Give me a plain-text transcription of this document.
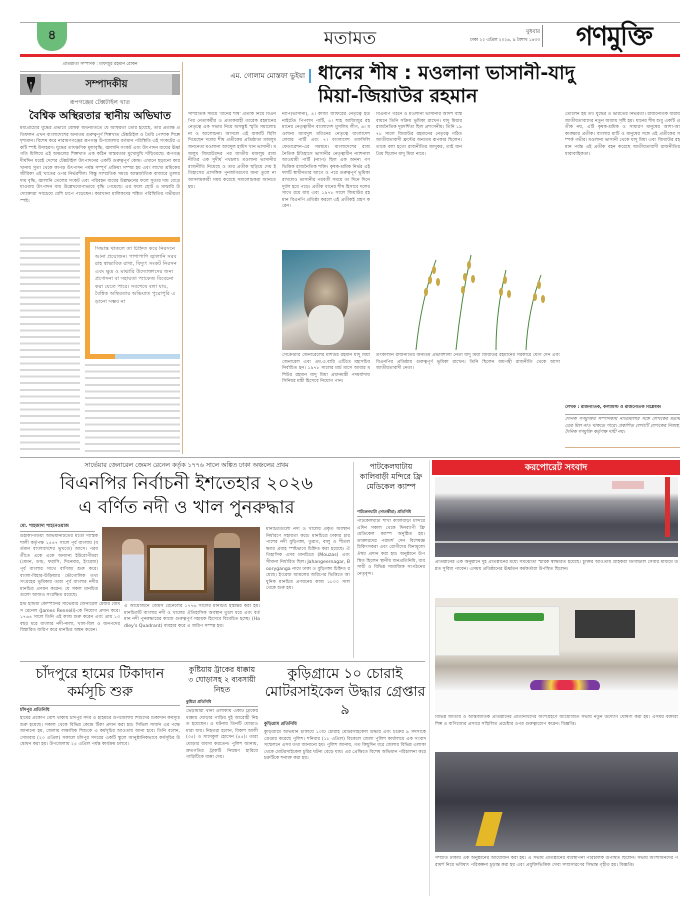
৪	মতামত	বুধবার
ঢাকা ২২ এপ্রিল ২০২৬, ৯ বৈশাখ ১৪৩৩	গণমুক্তি
প্রতিষ্ঠাতা সম্পাদক : মফিজুর রহমান রোকন
সম্পাদকীয়
রূপগঞ্জের টেক্সটাইল খাত
বৈশ্বিক অস্থিরতার স্থানীয় অভিঘাত
মধ্যপ্রাচ্যের যুদ্ধের প্রভাবে বৈশ্বিক অর্থনীতিতে যে অস্থিরতা তৈরি হয়েছে, তার প্রত্যক্ষ প্রতিফলন এখন বাংলাদেশের অন্যতম গুরুত্বপূর্ণ শিল্পখাত টেক্সটাইল ও তৈরি পোশাক শিল্পে দৃশ্যমান। বিশেষ করে নারায়ণগঞ্জের রূপগঞ্জ উপজেলার বর্তমান পরিস্থিতি এই সংকটের একটি স্পষ্ট উদাহরণ। যুদ্ধের তাৎক্ষণিক মূল্যবৃদ্ধি, জ্বালানি সংকট এবং উৎপাদন ব্যয়ের ঊর্ধ্বগতি মিলিয়ে এই অঞ্চলের শিল্পখাত এক কঠিন বাস্তবতার মুখোমুখি দাঁড়িয়েছে। রূপগঞ্জ দীর্ঘদিন ধরেই দেশের টেক্সটাইল উৎপাদনের একটি গুরুত্বপূর্ণ কেন্দ্র। এখানে ছড়ানো কারখানায় সুতা থেকে কাপড় উৎপাদন পর্যন্ত সম্পূর্ণ প্রক্রিয়া সম্পন্ন হয় এবং লাখো শ্রমিকের জীবিকা এই খাতের ওপর নির্ভরশীল। কিন্তু সাম্প্রতিক সময়ে আন্তর্জাতিক বাজারে তুলার দাম বৃদ্ধি, জ্বালানি তেলের সংকট এবং পরিবহন ব্যয়ের উল্লম্ফনের ফলে সুতার দাম বেড়ে যাওয়ায় উৎপাদন ব্যয় উল্লেখযোগ্যভাবে বৃদ্ধি পেয়েছে। এর ফলে ছোট ও মাঝারি উদ্যোক্তারা সবচেয়ে বেশি চাপে পড়েছেন। কারখানা মালিকদের শঙ্কিত পরিস্থিতির গভীরতা স্পষ্ট।
সিদ্ধান্ত থাকলে তা চিহ্নিত করে নিরসনে আনা প্রয়োজন। পাশাপাশি জ্বালানি সরবরাহ স্বাভাবিক রাখা, বিদ্যুৎ সংকট নিরসন এবং ক্ষুদ্র ও মাঝারি উদ্যোক্তাদের জন্য প্রণোদনা বা সহায়তা প্যাকেজ বিবেচনা করা যেতে পারে। সবশেষে বলা যায়, বৈশ্বিক অস্থিরতার অভিঘাত পুরোপুরি এড়ানো সম্ভব না
এম. গোলাম মোস্তফা ভুইয়া ধানের শীষ : মওলানা ভাসানী-যাদু
মিয়া-জিয়াউর রহমান
সাম্প্রতিক সময়ে 'ধানের শীষ' প্রতীক নিয়ে বিএনপির নেতাকর্মীর ও প্রতাকবাহী তারেক রহমানের নেতৃত্বে এক সভায় নিয়ে অসন্তুষ্ট স্মৃতি সমালোচনা ও আলোচনা। আসলে এই বাক্যটি ছিলি দিয়েছেন দলের শীষ প্রতীকের প্রতিষ্ঠাতা মজলুম জননেতা মওলানা আবদুল হামিদ খান ভাসানী। মজলুম জিয়াউদ্দের পর জাতীয় মজলুম রাজনীতির এক সুদীর্ঘ পথচলা। মওলানা ভাসানীর রাজনীতি নিয়েছে ও তার প্রতীক ছড়িয়ে দেয় ইতিহাসের প্রাসঙ্গিক পুনর্জাগরণের জন্য তুলে না আসলমকারী সময় করেছে সমালোচকরা জানতে হয়।
ন্যাপ(ভাসানী), ৪। কাজী জাফরের নেতৃত্বে ইউনাইটেড পিপলস পার্টি, ৫। শাহ আজিজুর রহমানের নেতৃত্বাধীন বাংলাদেশ মুসলিম লীগ, ৬। মওলানা আবদুল মতিনের নেতৃত্বে বাংলাদেশ লেবার পার্টি এবং ৭। বাংলাদেশ তফসিলি ফেডারেশন-এর সমন্বয়ে। বাংলাদেশের রাজনৈতিক ইতিহাসে ভাসানীর নেতৃত্বাধীন ন্যাশনাল আওয়ামী পার্টি (ন্যাপ) ছিল এক অনন্য গণভিত্তিক রাজনৈতিক শক্তি। কৃষক-শ্রমিক নির্ভর এই দলটি স্বাধীনতার আগে ও পরে গুরুত্বপূর্ণ ভূমিকা রাখলেও ভাসানীর পরবর্তী সময়ে তা দিনে দিনে দুর্বল হয়ে পড়ে। প্রতীক ধানের শীষ হিসাবে দলের সাথে রয়ে যায় এবং ১৯৭৮ সালে জিয়াউর রহমান বিএনপি প্রতিষ্ঠা করলে এই প্রতীকই গ্রহণ করেন।
বিএনপি গঠনে ও মওলানা ভাসানীর আদর্শ বাস্তবায়নে তিনি সক্রিয় ভূমিকা রাখেন। যাদু মিয়ার রাজনৈতিক দূরদর্শিতা ছিল প্রশংসনীয়। তিনি ১৯৭৮ সালে জিয়াউর রহমানের নেতৃত্বে গঠিত জাতীয়তাবাদী ফ্রন্টের অন্যতম রূপকার ছিলেন। তাকে বলা হতো রাজনীতির জাদুকর, তাই জনপ্রিয় ছিলেন যাদু মিয়া নামে।
তোলেন হয় তা। যুদ্ধের ও ভারতের নির্ভরতা। রাজনৈতিক ধারায় জাতীয়তাবাদের নতুন অধ্যায় সৃষ্টি হয়। ধানের শীষ শুধু একটি প্রতীক নয়, এটি কৃষক-শ্রমিক ও সাধারণ মানুষের আশা-আকাঙ্ক্ষার প্রতীক। বাংলার মাটি ও মানুষের সঙ্গে এই প্রতীকের সম্পর্ক গভীর। মওলানা ভাসানী থেকে যাদু মিয়া এবং জিয়াউর রহমান পর্যন্ত এই প্রতীক বহন করেছে জাতীয়তাবাদী রাজনীতির ধারাবাহিকতা।
সেক্রেটারি জেনারেলের মশিউর রহমান যাদু মিয়া জেনারেল এবং এম.এ.বারি এটিতে মহাসচিব নির্বাচিত হন। ১৯৭৮ সালের মার্চ মাসে আবার মশিউর রহমান যাদু মিয়া প্রধানমন্ত্রী পদমর্যাদায় সিনিয়র মন্ত্রী হিসেবে নিয়োগ পান।
তৎকালীন রাজনীতির অন্যতম প্রভাবশালী নেতা যাদু মিয়া জিয়াউর রহমানের সরকারে যোগ দেন এবং বিএনপির প্রতিষ্ঠায় গুরুত্বপূর্ণ ভূমিকা রাখেন। তিনি ছিলেন বামপন্থী রাজনীতি থেকে আসা জাতীয়তাবাদী নেতা।
লেখক : রাজনীতিক, কলামিস্ট ও রাজনৈতিক বিশ্লেষক।
দৈনিক গণমুক্তির সম্পাদকীয় নীতিমালার সঙ্গে লেখকের মতামতের মিল নাও থাকতে পারে। প্রকাশিত লেখাটি লেখকের নিজস্ব, দৈনিক গণমুক্তি কর্তৃপক্ষ দায়ী নয়।
সার্ভেয়ার জেনারেল জেমস রেনেল কর্তৃক ১৭৭৬ সালে অঙ্কিত ঢাকা অঞ্চলের প্রথম
বিএনপির নির্বাচনী ইশতেহার ২০২৬
এ বর্ণিত নদী ও খাল পুনরুদ্ধার
মো. শাহজাদা শাহনেওয়াজ
উইকিপিডিয়া অভিধানটিতের মতো দাস্তিকশালী কর্তৃপক্ষ ১৫৪৭ সালে পূর্ব বাংলায় (বর্তমান বাংলাদেশের ভূখণ্ডে) আসে। পরবর্তীতে একে একে অন্যান্য ইউরোপীয়রা (যেমন, ডাচ, ফরাসি, দিনেমার, ইংরেজ) পূর্ব বাংলার সাথে বাণিজ্য শুরু করে। বাংলা-বিহার-উড়িষ্যার ভৌগোলিক তথ্য সংগ্রহের ভূমিকায় তারা পূর্ব বাংলার নদীর মানচিত্র প্রণয়ন করেন। যে সকল মানচিত্রগুলো আজও সংরক্ষিত রয়েছে।
ইস্ট ইন্ডিয়া কোম্পানির সার্ভেয়ার জেনারেল মেজর জেমস রেনেল (James Rennell)-কে নিয়োগ প্রদান করে। ১৭৬৪ সালে তিনি এই কাজ শুরু করেন এবং প্রায় ১৩ বছর ধরে বাংলার নদী-নালা, খাল-বিল ও জনপদের বিস্তারিত জরিপ করে মানচিত্র অঙ্কন করেন।
এ আয়োজনে জেমস রেনেলের ১৭৭৬ সালের মানচিত্র হস্তান্তর করা হয়। মানচিত্রটি বাংলার নদী ও খালের ঐতিহাসিক অবস্থান তুলে ধরে এবং বর্তমান নদী পুনরুদ্ধারের কাজে গুরুত্বপূর্ণ সহায়ক হিসেবে বিবেচিত হচ্ছে। (Hadley's Quadrant) ব্যবহার করে এ জরিপ সম্পন্ন হয়।
মানচিত্রগুলো নদী ও খালের প্রকৃত অবস্থান নির্ধারণে সহায়তা করে। মানচিত্রে ঢাকার চারপাশের নদী বুড়িগঙ্গা, তুরাগ, বালু ও শীতলক্ষ্যার প্রবাহ স্পষ্টভাবে চিহ্নিত করা হয়েছে। ঐতিহাসিক এসব মানচিত্রে (Mouzas) এবং সীমানা নির্ধারিত ছিল। Jahangeernagar, Booryganga নামে ঢাকা ও বুড়িগঙ্গা চিহ্নিত রয়েছে। ইংরেজ আমলের জরিপের ভিত্তিতে আধুনিক মানচিত্র প্রণয়নের কাজ ১৮০০ সাল থেকে শুরু হয়।
পাটকেলঘাটায় কালিবাড়ী মন্দিরে ফ্রি মেডিকেল ক্যাম্প
পাটকেলঘাটা (সাতক্ষীরা) প্রতিনিধি
পাটকেলঘাটা শাখা কালিবাড়ী মন্দিরে এদিন সকাল থেকে দিনব্যাপী ফ্রি মেডিকেল ক্যাম্প অনুষ্ঠিত হয়। ডাক্তারদের পরামর্শ দেন বিশেষজ্ঞ চিকিৎসকরা এবং রোগীদের বিনামূল্যে ঔষধ প্রদান করা হয়। অনুষ্ঠানে উপস্থিত ছিলেন স্থানীয় জনপ্রতিনিধি, ব্যবসায়ী ও বিভিন্ন সামাজিক সংগঠনের নেতৃবৃন্দ।
করপোরেট সংবাদ
প্রতিষ্ঠানের এক অনুষ্ঠানে দুই প্রতিষ্ঠানের মধ্যে সমঝোতা স্মারক স্বাক্ষরিত হয়েছে। চুক্তির আওতায় গ্রাহকরা ডিজিটাল সেবার মাধ্যমে উন্নত সুবিধা পাবেন। এসময় প্রতিষ্ঠানের ঊর্ধ্বতন কর্মকর্তারা উপস্থিত ছিলেন।
বিভিন্ন জাতীয় ও আন্তর্জাতিক প্রতিষ্ঠানের প্রতিনিধিদের অংশগ্রহণে আয়োজিত সভায় নতুন উদ্যোগ ঘোষণা করা হয়। এসময় বক্তারা শিল্প ও বাণিজ্যের প্রসারে সম্মিলিত প্রচেষ্টার ওপর গুরুত্বারোপ করেন। বিজ্ঞপ্তি।
সম্প্রতি ঢাকায় এক অনুষ্ঠানের আয়োজন করা হয়। এ সভায় প্রতিষ্ঠানের ব্যবস্থাপনা পরিচালক উপস্থিত ছিলেন। সভায় অংশীজনদের পরামর্শ নিয়ে ভবিষ্যৎ পরিকল্পনা চূড়ান্ত করা হয় এবং প্রযুক্তিভিত্তিক সেবা সম্প্রসারণের সিদ্ধান্ত গৃহীত হয়। বিজ্ঞপ্তি।
চাঁদপুরে হামের টিকাদান কর্মসূচি শুরু
চাঁদপুর প্রতিনিধি
হামের প্রকোপ বেশি থাকায় চাঁদপুর সদর ও হাইমচর উপজেলায় শিশুদের টিকাদান কর্মসূচি শুরু হয়েছে। সকাল থেকে বিভিন্ন কেন্দ্রে টিকা প্রদান করা হয়। সিভিল সার্জন এর পক্ষে জানানো হয়, জেলায় লক্ষাধিক শিশুকে এ কর্মসূচির আওতায় আনা হবে। তিনি বলেন, সোমবার (২০ এপ্রিল) সকালে চাঁদপুর সদরের একটি স্কুলে আনুষ্ঠানিকভাবে কর্মসূচির উদ্বোধন করা হয়। উপজেলায় ২৫ এপ্রিল পর্যন্ত কার্যক্রম চলবে।
কুষ্টিয়ায় ট্রাকের ধাক্কায় ৩ ঘোড়াসহ ২ ব্যবসায়ী নিহত
কুষ্টিয়া প্রতিনিধি
ভেড়ামারা থানা এলাকায় একটি ট্রাকের ধাক্কায় ঘোড়ার গাড়ির দুই আরোহী নিহত হয়েছেন। এ ঘটনায় তিনটি ঘোড়াও মারা যায়। নিহতরা হলেন, বিকাশ আলী (৩৫) ও সাদেকুল হোসেন (৪৫)। তারা ঘোড়ার ব্যবসা করতেন। পুলিশ জানায়, দ্রুতগতির ট্রাকটি নিয়ন্ত্রণ হারিয়ে গাড়িটিকে ধাক্কা দেয়।
কুড়িগ্রামে ১০ চোরাই মোটরসাইকেল উদ্ধার গ্রেপ্তার ৯
কুড়িগ্রাম প্রতিনিধি
কুড়িগ্রামে অভিযান চালিয়ে ১০টি চোরাই মোটরসাইকেল উদ্ধার এবং চক্রের ৯ সদস্যকে গ্রেপ্তার করেছে পুলিশ। শনিবার (১৮ এপ্রিল) বিকেলে জেলা পুলিশ কার্যালয়ে এক সংবাদ সম্মেলনে এসব তথ্য জানানো হয়। পুলিশ জানায়, গত কিছুদিন ধরে জেলার বিভিন্ন এলাকা থেকে মোটরসাইকেল চুরির ঘটনা বেড়ে যায়। এর প্রেক্ষিতে বিশেষ অভিযান পরিচালনা করে চক্রটিকে শনাক্ত করা হয়।
